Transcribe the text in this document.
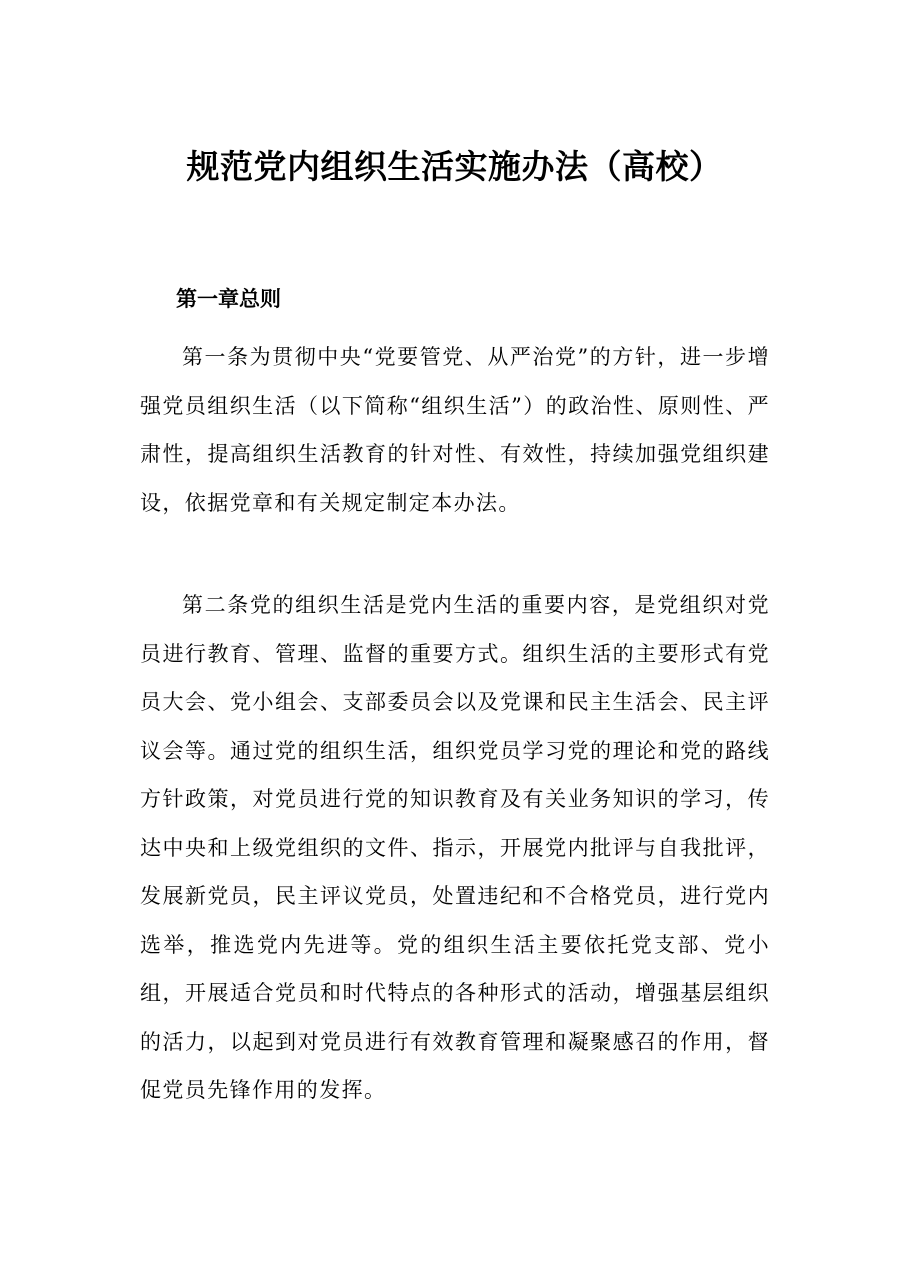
规范党内组织生活实施办法（高校）
第一章总则

第一条为贯彻中央“党要管党、从严治党”的方针，进一步增强党员组织生活（以下简称“组织生活”）的政治性、原则性、严肃性，提高组织生活教育的针对性、有效性，持续加强党组织建设，依据党章和有关规定制定本办法。

第二条党的组织生活是党内生活的重要内容，是党组织对党员进行教育、管理、监督的重要方式。组织生活的主要形式有党员大会、党小组会、支部委员会以及党课和民主生活会、民主评议会等。通过党的组织生活，组织党员学习党的理论和党的路线方针政策，对党员进行党的知识教育及有关业务知识的学习，传达中央和上级党组织的文件、指示，开展党内批评与自我批评，发展新党员，民主评议党员，处置违纪和不合格党员，进行党内选举，推选党内先进等。党的组织生活主要依托党支部、党小组，开展适合党员和时代特点的各种形式的活动，增强基层组织的活力，以起到对党员进行有效教育管理和凝聚感召的作用，督促党员先锋作用的发挥。
